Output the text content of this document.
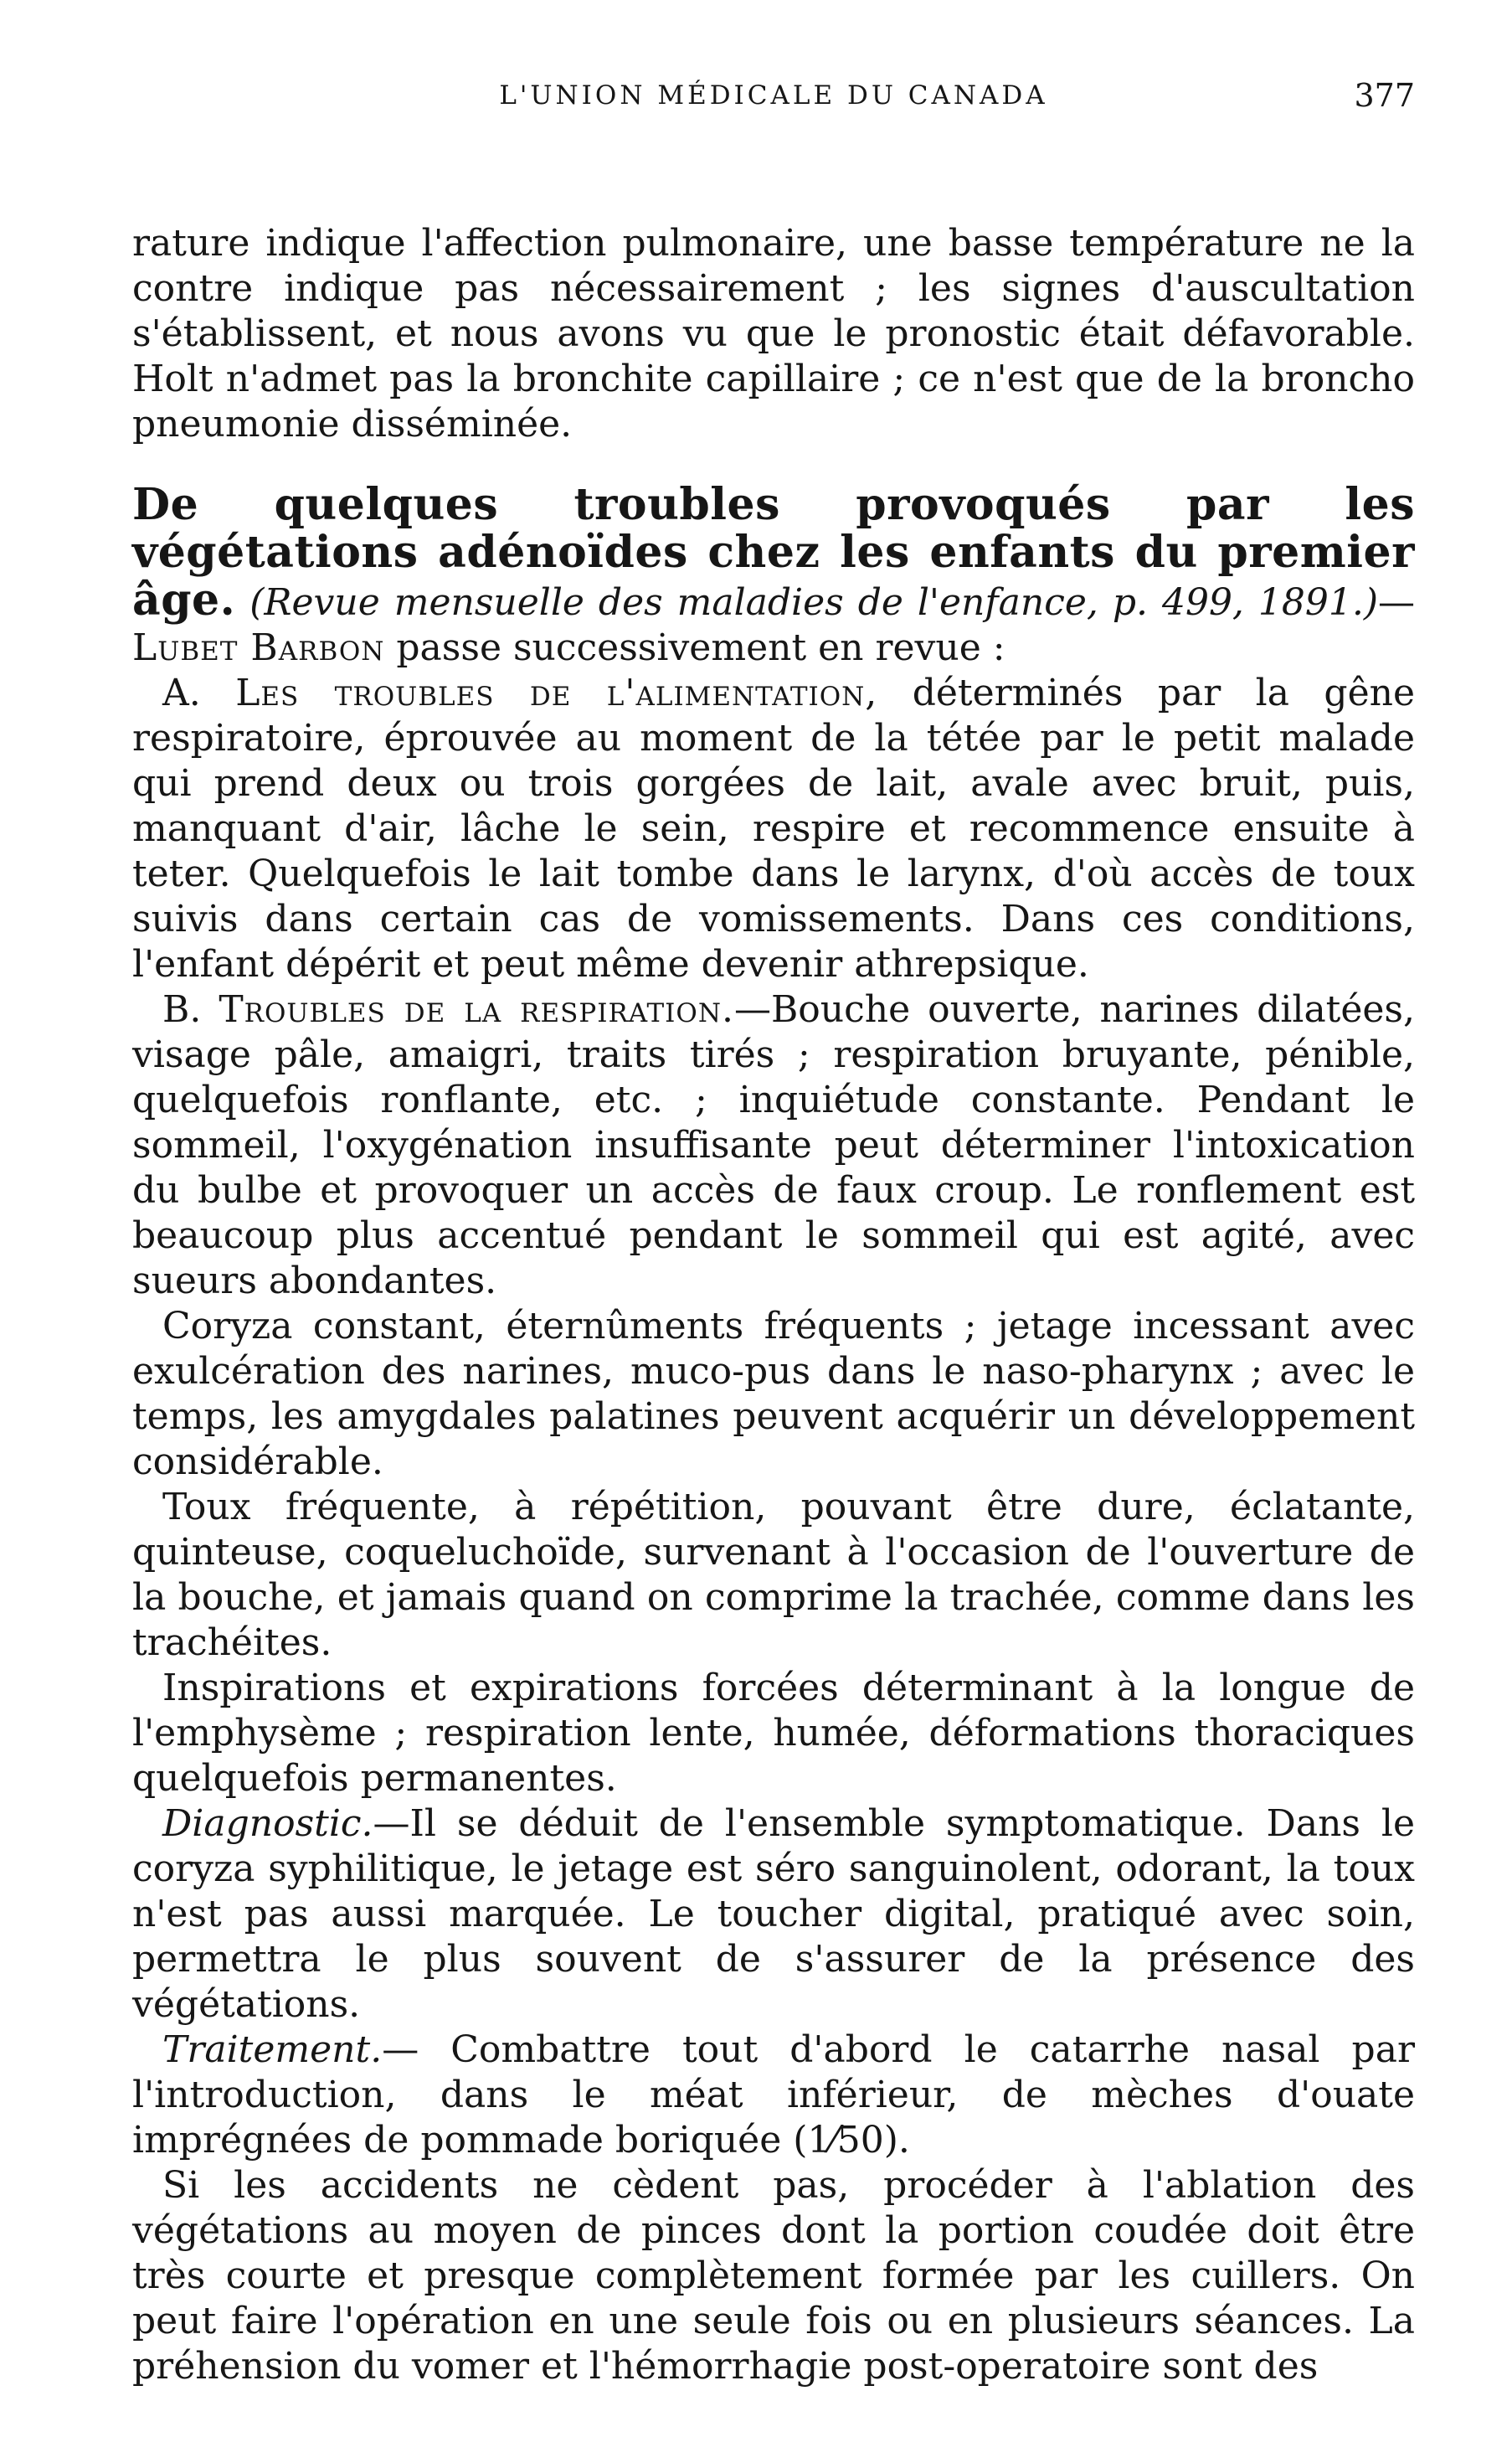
L'UNION MÉDICALE DU CANADA	377

rature indique l'affection pulmonaire, une basse température ne la contre indique pas nécessairement ; les signes d'auscultation s'établissent, et nous avons vu que le pronostic était défavorable. Holt n'admet pas la bronchite capillaire ; ce n'est que de la broncho pneumonie disséminée.

De quelques troubles provoqués par les végétations adénoïdes chez les enfants du premier âge. (Revue mensuelle des maladies de l'enfance, p. 499, 1891.)—Lubet Barbon passe successivement en revue :

A. Les troubles de l'alimentation, déterminés par la gêne respiratoire, éprouvée au moment de la tétée par le petit malade qui prend deux ou trois gorgées de lait, avale avec bruit, puis, manquant d'air, lâche le sein, respire et recommence ensuite à teter. Quelquefois le lait tombe dans le larynx, d'où accès de toux suivis dans certain cas de vomissements. Dans ces conditions, l'enfant dépérit et peut même devenir athrepsique.

B. Troubles de la respiration.—Bouche ouverte, narines dilatées, visage pâle, amaigri, traits tirés ; respiration bruyante, pénible, quelquefois ronflante, etc. ; inquiétude constante. Pendant le sommeil, l'oxygénation insuffisante peut déterminer l'intoxication du bulbe et provoquer un accès de faux croup. Le ronflement est beaucoup plus accentué pendant le sommeil qui est agité, avec sueurs abondantes.

Coryza constant, éternûments fréquents ; jetage incessant avec exulcération des narines, muco-pus dans le naso-pharynx ; avec le temps, les amygdales palatines peuvent acquérir un développement considérable.

Toux fréquente, à répétition, pouvant être dure, éclatante, quinteuse, coqueluchoïde, survenant à l'occasion de l'ouverture de la bouche, et jamais quand on comprime la trachée, comme dans les trachéites.

Inspirations et expirations forcées déterminant à la longue de l'emphysème ; respiration lente, humée, déformations thoraciques quelquefois permanentes.

Diagnostic.—Il se déduit de l'ensemble symptomatique. Dans le coryza syphilitique, le jetage est séro sanguinolent, odorant, la toux n'est pas aussi marquée. Le toucher digital, pratiqué avec soin, permettra le plus souvent de s'assurer de la présence des végétations.

Traitement.— Combattre tout d'abord le catarrhe nasal par l'introduction, dans le méat inférieur, de mèches d'ouate imprégnées de pommade boriquée (1⁄50).

Si les accidents ne cèdent pas, procéder à l'ablation des végétations au moyen de pinces dont la portion coudée doit être très courte et presque complètement formée par les cuillers. On peut faire l'opération en une seule fois ou en plusieurs séances. La préhension du vomer et l'hémorrhagie post-operatoire sont des
